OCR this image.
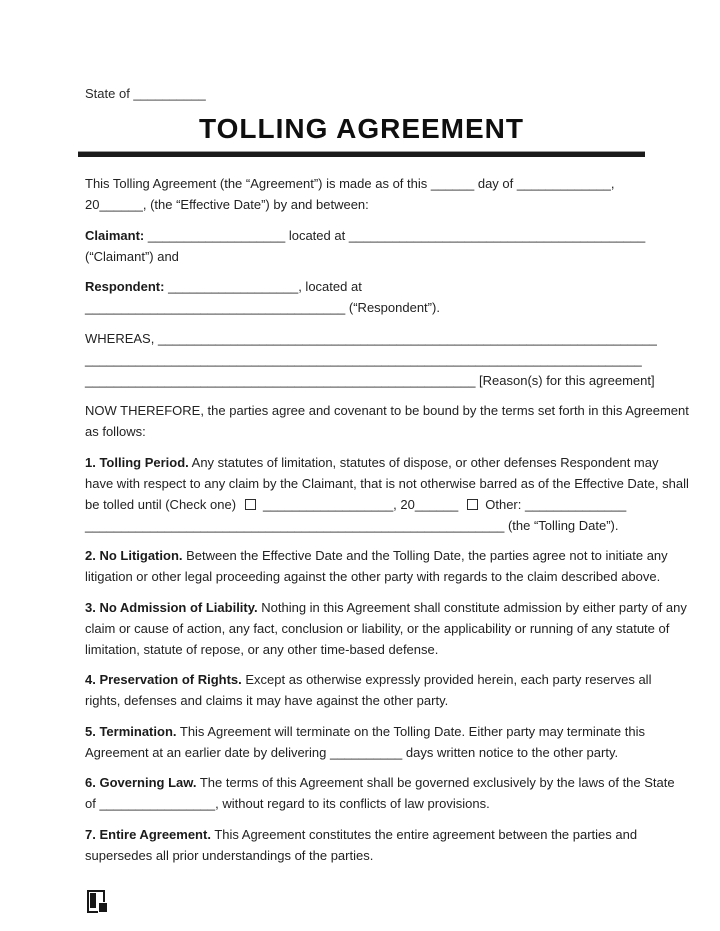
State of __________
TOLLING AGREEMENT
This Tolling Agreement (the “Agreement”) is made as of this ______ day of _____________,
20______, (the “Effective Date”) by and between:
Claimant: ___________________ located at _________________________________________
(“Claimant”) and
Respondent: __________________, located at
____________________________________ (“Respondent”).
WHEREAS, _____________________________________________________________________
_____________________________________________________________________________
______________________________________________________ [Reason(s) for this agreement]
NOW THEREFORE, the parties agree and covenant to be bound by the terms set forth in this Agreement
as follows:
1. Tolling Period. Any statutes of limitation, statutes of dispose, or other defenses Respondent may
have with respect to any claim by the Claimant, that is not otherwise barred as of the Effective Date, shall
be tolled until (Check one) __________________, 20______ Other: ______________
__________________________________________________________ (the “Tolling Date”).
2. No Litigation. Between the Effective Date and the Tolling Date, the parties agree not to initiate any
litigation or other legal proceeding against the other party with regards to the claim described above.
3. No Admission of Liability. Nothing in this Agreement shall constitute admission by either party of any
claim or cause of action, any fact, conclusion or liability, or the applicability or running of any statute of
limitation, statute of repose, or any other time-based defense.
4. Preservation of Rights. Except as otherwise expressly provided herein, each party reserves all
rights, defenses and claims it may have against the other party.
5. Termination. This Agreement will terminate on the Tolling Date. Either party may terminate this
Agreement at an earlier date by delivering __________ days written notice to the other party.
6. Governing Law. The terms of this Agreement shall be governed exclusively by the laws of the State
of ________________, without regard to its conflicts of law provisions.
7. Entire Agreement. This Agreement constitutes the entire agreement between the parties and
supersedes all prior understandings of the parties.
